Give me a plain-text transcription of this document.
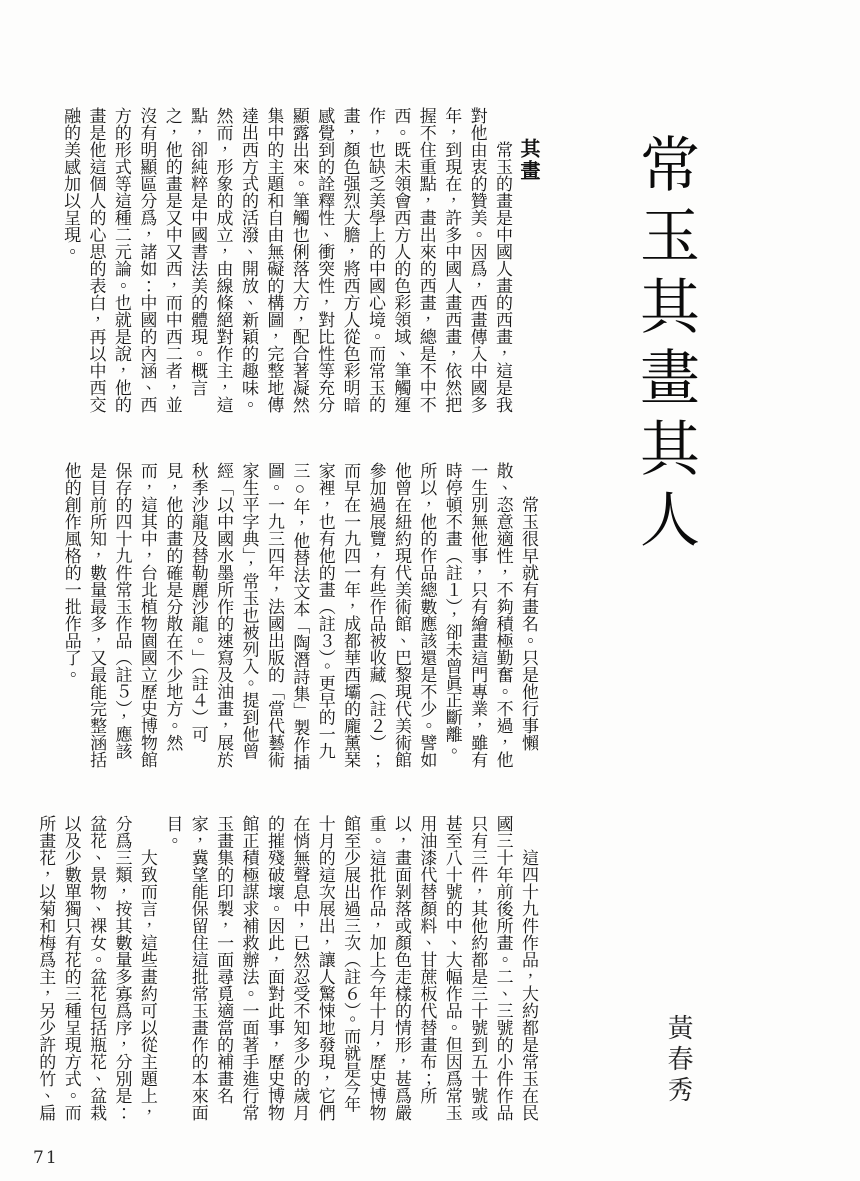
常玉其畫其人
黃春秀
其畫

常玉的畫是中國人畫的西畫，這是我對他由衷的贊美。因爲，西畫傳入中國多年，到現在，許多中國人畫西畫，依然把握不住重點，畫出來的西畫，總是不中不西。既未領會西方人的色彩領域、筆觸運作，也缺乏美學上的中國心境。而常玉的畫，顏色强烈大膽，將西方人從色彩明暗感覺到的詮釋性、衝突性，對比性等充分顯露出來。筆觸也俐落大方，配合著凝然集中的主題和自由無礙的構圖，完整地傳達出西方式的活潑、開放、新穎的趣味。然而，形象的成立，由線條絕對作主，這點，卻純粹是中國書法美的體現。概言之，他的畫是又中又西，而中西二者，並沒有明顯區分爲，諸如：中國的內涵、西方的形式等這種二元論。也就是說，他的畫是他這個人的心思的表白，再以中西交融的美感加以呈現。

常玉很早就有畫名。只是他行事懶散、恣意適性，不夠積極勤奮。不過，他一生別無他事，只有繪畫這門專業，雖有時停頓不畫（註１），卻未曾眞正斷離。所以，他的作品總數應該還是不少。譬如他曾在紐約現代美術館、巴黎現代美術館參加過展覽，有些作品被收藏（註２）；而早在一九四一年，成都華西壩的龐薰琹家裡，也有他的畫（註３）。更早的一九三○年，他替法文本「陶潛詩集」製作插圖。一九三四年，法國出版的「當代藝術家生平字典」，常玉也被列入。提到他曾經「以中國水墨所作的速寫及油畫，展於秋季沙龍及替勒麗沙龍。」（註４）可見，他的畫的確是分散在不少地方。然而，這其中，台北植物園國立歷史博物館保存的四十九件常玉作品（註５），應該是目前所知，數量最多，又最能完整涵括他的創作風格的一批作品了。

這四十九件作品，大約都是常玉在民國三十年前後所畫。二、三號的小件作品只有三件，其他約都是三十號到五十號或甚至八十號的中、大幅作品。但因爲常玉用油漆代替顏料、甘蔗板代替畫布；所以，畫面剝落或顏色走樣的情形，甚爲嚴重。這批作品，加上今年十月，歷史博物館至少展出過三次（註６）。而就是今年十月的這次展出，讓人驚悚地發現，它們在悄無聲息中，已然忍受不知多少的歲月的摧殘破壞。因此，面對此事，歷史博物館正積極謀求補救辦法。一面著手進行常玉畫集的印製，一面尋覓適當的補畫名家，冀望能保留住這批常玉畫作的本來面目。

大致而言，這些畫約可以從主題上，分爲三類，按其數量多寡爲序，分別是：盆花、景物、裸女。盆花包括瓶花、盆栽以及少數單獨只有花的三種呈現方式。而所畫花，以菊和梅爲主，另少許的竹、扁

71
